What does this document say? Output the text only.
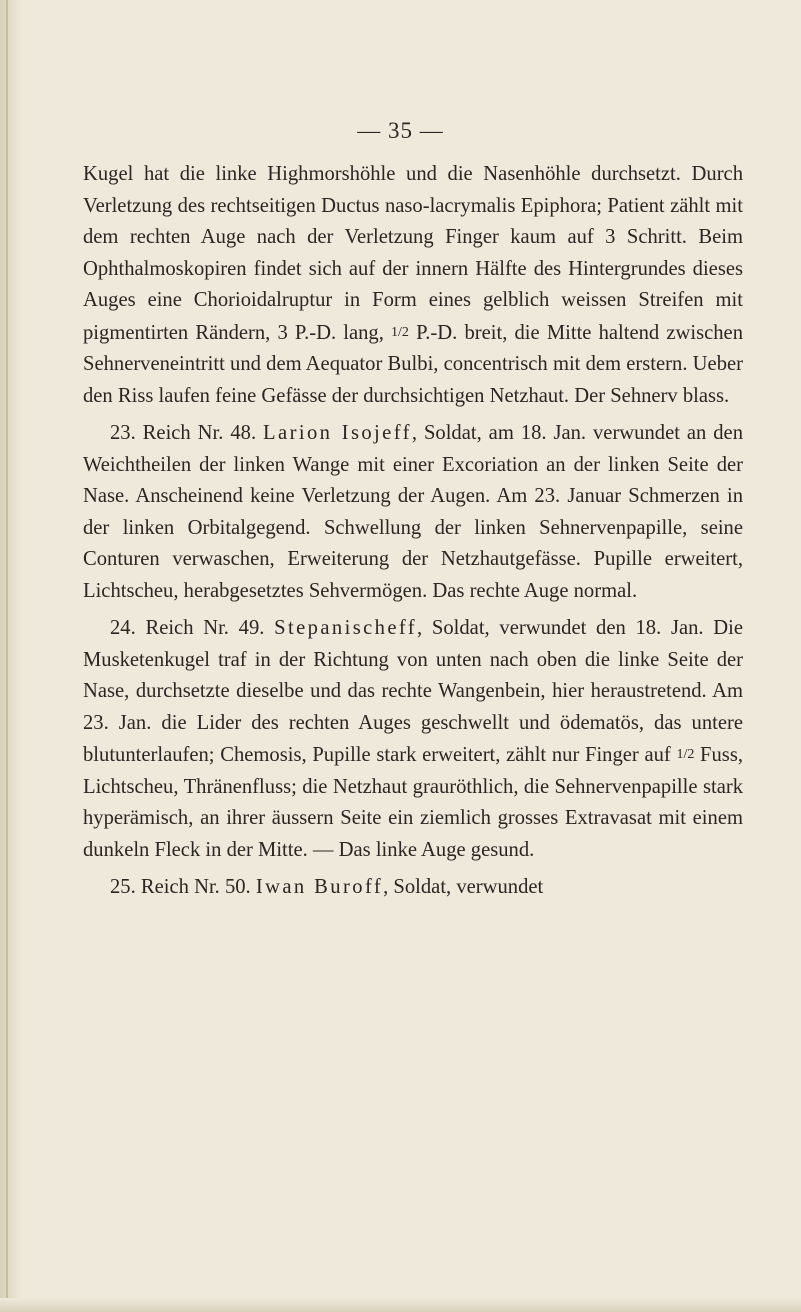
— 35 —

Kugel hat die linke Highmorshöhle und die Nasenhöhle durchsetzt. Durch Verletzung des rechtseitigen Ductus naso-lacrymalis Epiphora; Patient zählt mit dem rechten Auge nach der Verletzung Finger kaum auf 3 Schritt. Beim Ophthalmoskopiren findet sich auf der innern Hälfte des Hintergrundes dieses Auges eine Chorioidalruptur in Form eines gelblich weissen Streifen mit pigmentirten Rändern, 3 P.-D. lang, 1/2 P.-D. breit, die Mitte haltend zwischen Sehnerveneintritt und dem Aequator Bulbi, concentrisch mit dem erstern. Ueber den Riss laufen feine Gefässe der durchsichtigen Netzhaut. Der Sehnerv blass.

23. Reich Nr. 48. Larion Isojeff, Soldat, am 18. Jan. verwundet an den Weichtheilen der linken Wange mit einer Excoriation an der linken Seite der Nase. Anscheinend keine Verletzung der Augen. Am 23. Januar Schmerzen in der linken Orbitalgegend. Schwellung der linken Sehnervenpapille, seine Conturen verwaschen, Erweiterung der Netzhautgefässe. Pupille erweitert, Lichtscheu, herabgesetztes Sehvermögen. Das rechte Auge normal.

24. Reich Nr. 49. Stepanischeff, Soldat, verwundet den 18. Jan. Die Musketenkugel traf in der Richtung von unten nach oben die linke Seite der Nase, durchsetzte dieselbe und das rechte Wangenbein, hier heraustretend. Am 23. Jan. die Lider des rechten Auges geschwellt und ödematös, das untere blutunterlaufen; Chemosis, Pupille stark erweitert, zählt nur Finger auf 1/2 Fuss, Lichtscheu, Thränenfluss; die Netzhaut grauröthlich, die Sehnervenpapille stark hyperämisch, an ihrer äussern Seite ein ziemlich grosses Extravasat mit einem dunkeln Fleck in der Mitte. — Das linke Auge gesund.

25. Reich Nr. 50. Iwan Buroff, Soldat, verwundet
